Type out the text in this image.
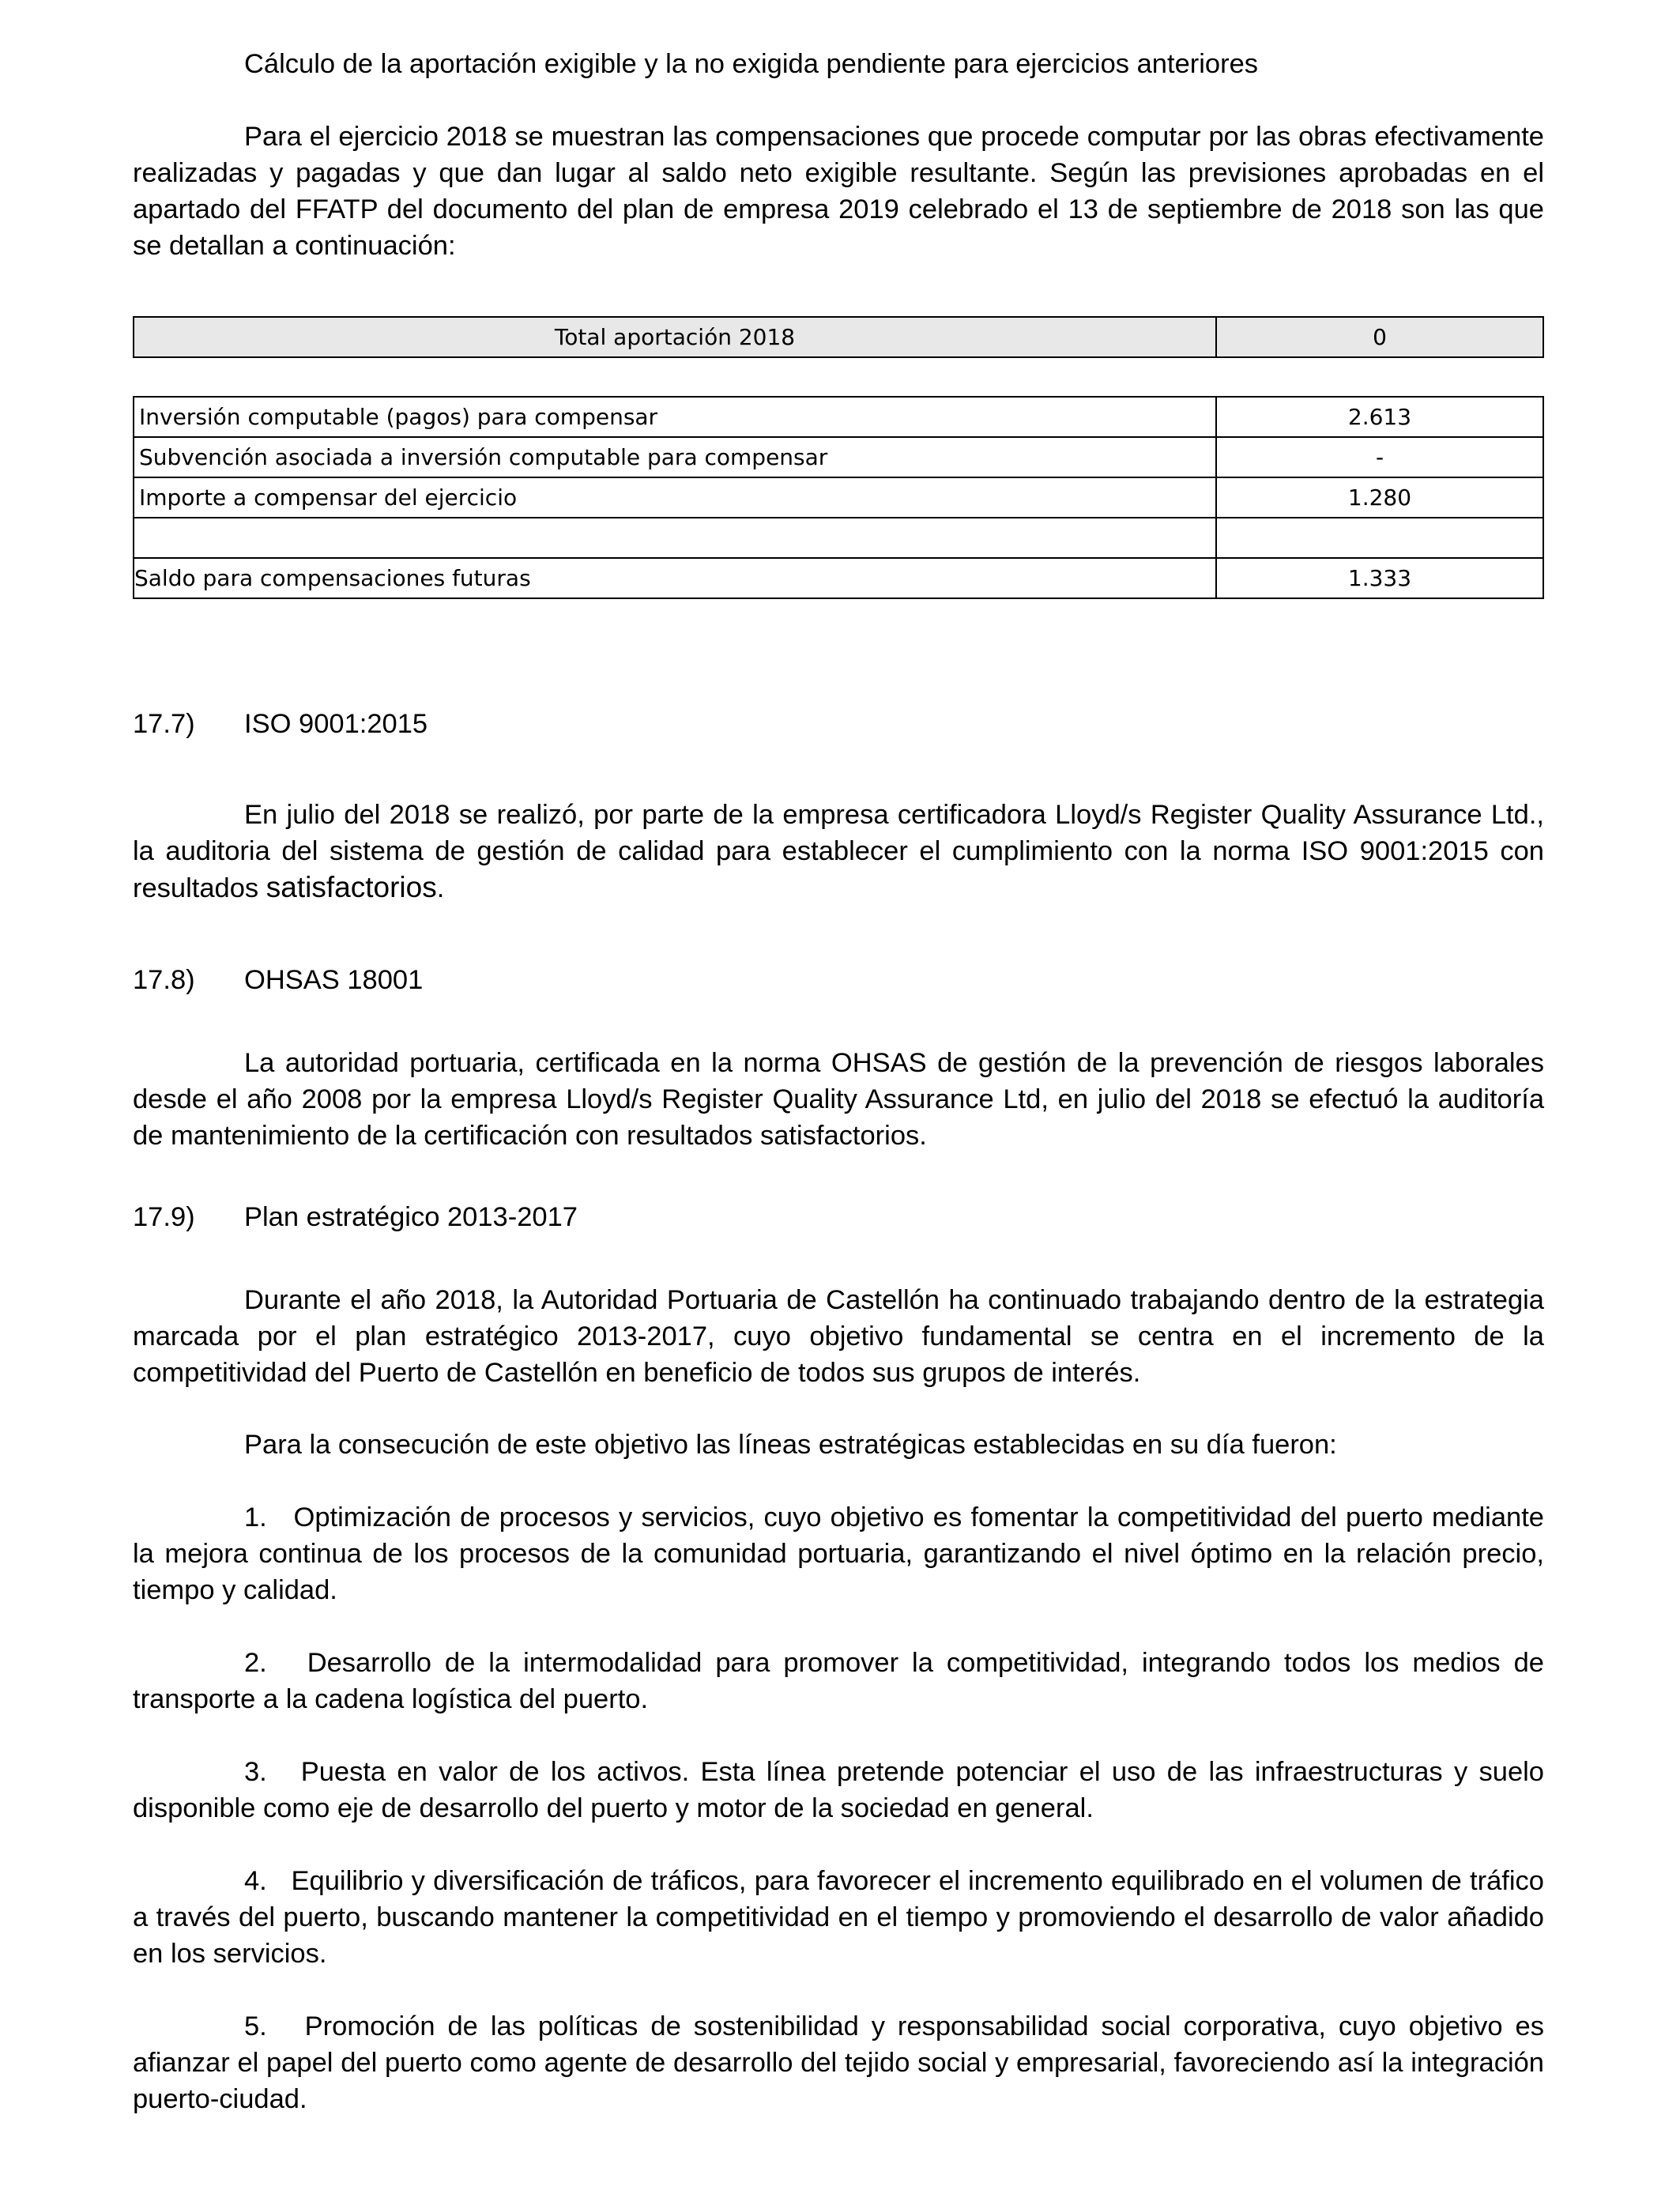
Cálculo de la aportación exigible y la no exigida pendiente para ejercicios anteriores

Para el ejercicio 2018 se muestran las compensaciones que procede computar por las obras efectivamente realizadas y pagadas y que dan lugar al saldo neto exigible resultante. Según las previsiones aprobadas en el apartado del FFATP del documento del plan de empresa 2019 celebrado el 13 de septiembre de 2018 son las que se detallan a continuación:

Total aportación 2018	0
Inversión computable (pagos) para compensar	2.613
Subvención asociada a inversión computable para compensar	-
Importe a compensar del ejercicio	1.280

Saldo para compensaciones futuras	1.333
17.7)	ISO 9001:2015

En julio del 2018 se realizó, por parte de la empresa certificadora Lloyd/s Register Quality Assurance Ltd., la auditoria del sistema de gestión de calidad para establecer el cumplimiento con la norma ISO 9001:2015 con resultados satisfactorios.

17.8)	OHSAS 18001

La autoridad portuaria, certificada en la norma OHSAS de gestión de la prevención de riesgos laborales desde el año 2008 por la empresa Lloyd/s Register Quality Assurance Ltd, en julio del 2018 se efectuó la auditoría de mantenimiento de la certificación con resultados satisfactorios.

17.9)	Plan estratégico 2013-2017

Durante el año 2018, la Autoridad Portuaria de Castellón ha continuado trabajando dentro de la estrategia marcada por el plan estratégico 2013-2017, cuyo objetivo fundamental se centra en el incremento de la competitividad del Puerto de Castellón en beneficio de todos sus grupos de interés.

Para la consecución de este objetivo las líneas estratégicas establecidas en su día fueron:

1. Optimización de procesos y servicios, cuyo objetivo es fomentar la competitividad del puerto mediante la mejora continua de los procesos de la comunidad portuaria, garantizando el nivel óptimo en la relación precio, tiempo y calidad.

2. Desarrollo de la intermodalidad para promover la competitividad, integrando todos los medios de transporte a la cadena logística del puerto.

3. Puesta en valor de los activos. Esta línea pretende potenciar el uso de las infraestructuras y suelo disponible como eje de desarrollo del puerto y motor de la sociedad en general.

4. Equilibrio y diversificación de tráficos, para favorecer el incremento equilibrado en el volumen de tráfico a través del puerto, buscando mantener la competitividad en el tiempo y promoviendo el desarrollo de valor añadido en los servicios.

5. Promoción de las políticas de sostenibilidad y responsabilidad social corporativa, cuyo objetivo es afianzar el papel del puerto como agente de desarrollo del tejido social y empresarial, favoreciendo así la integración puerto-ciudad.
